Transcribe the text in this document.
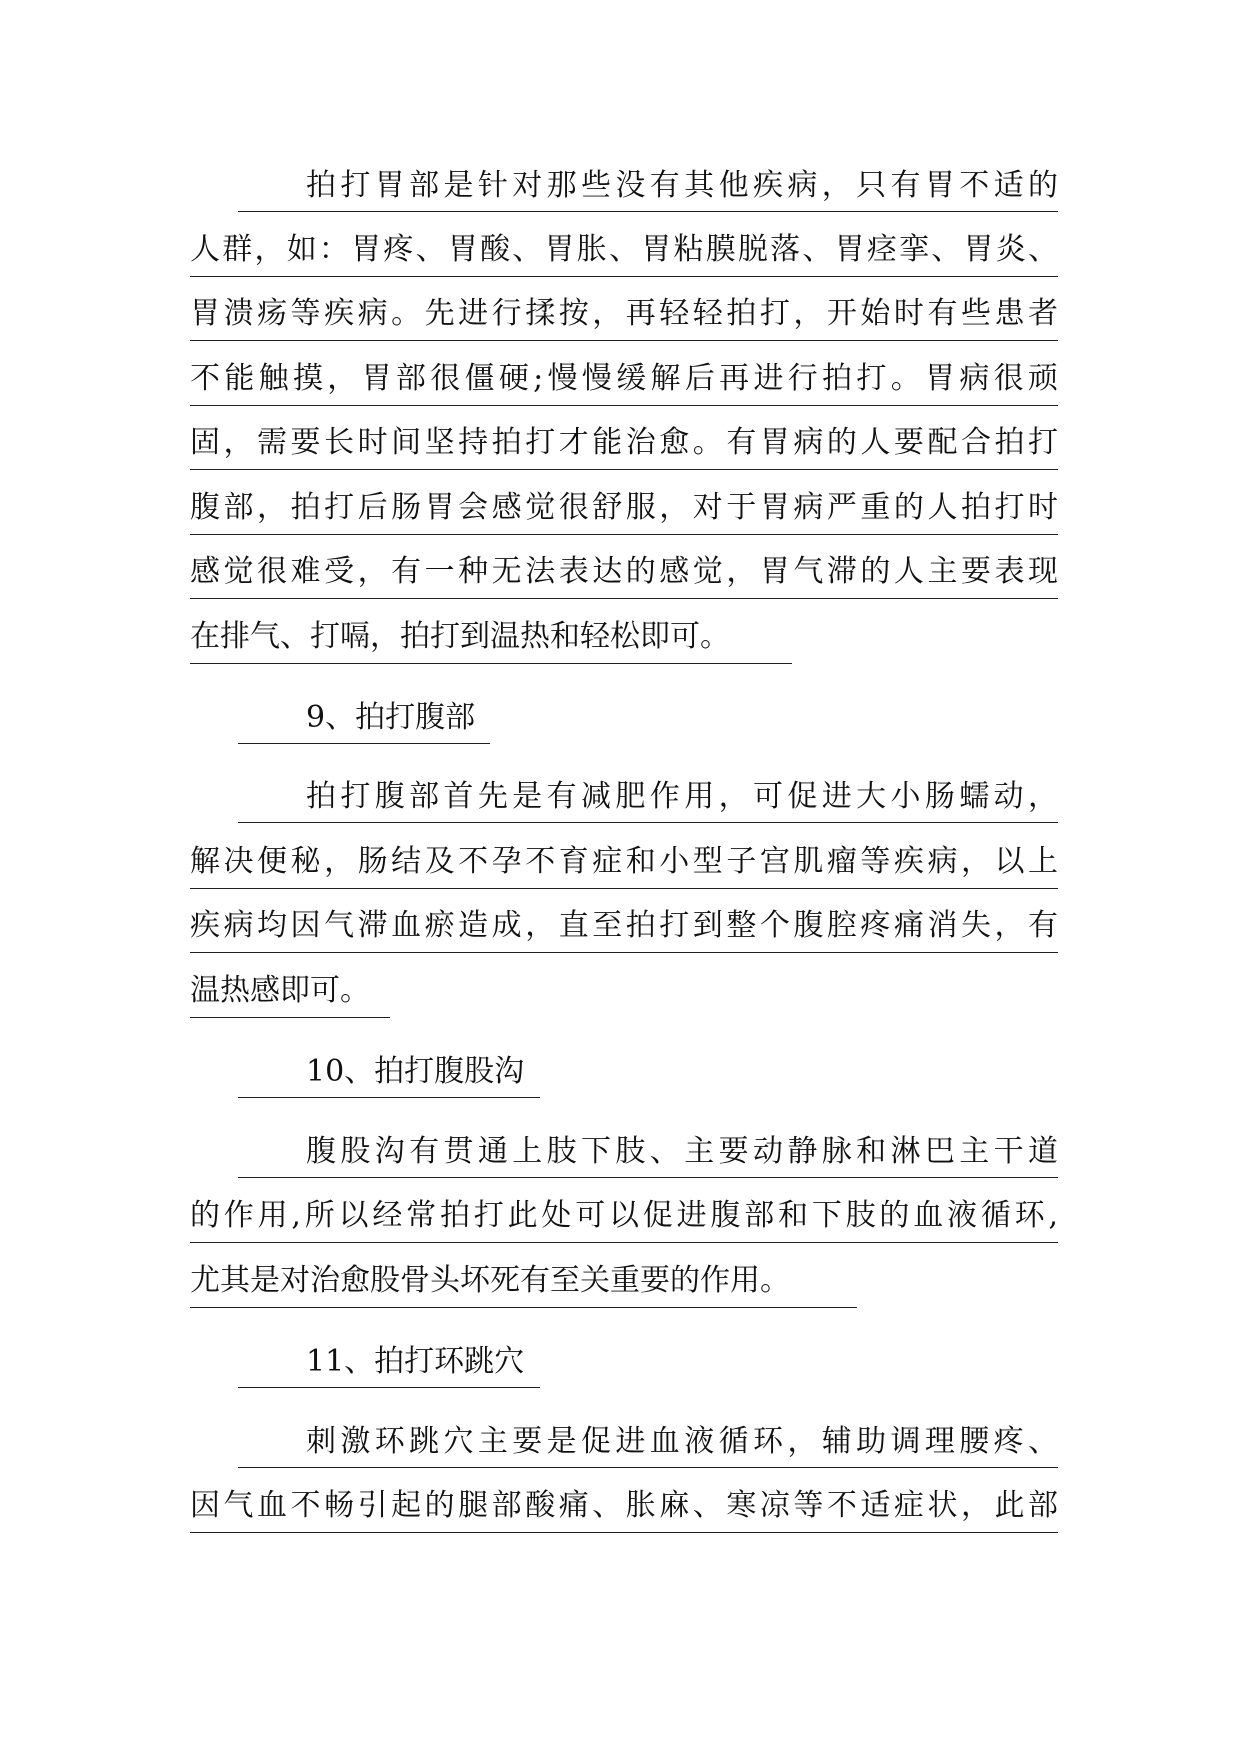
拍打胃部是针对那些没有其他疾病，只有胃不适的
人群，如：胃疼、胃酸、胃胀、胃粘膜脱落、胃痉挛、胃炎、
胃溃疡等疾病。先进行揉按，再轻轻拍打，开始时有些患者
不能触摸，胃部很僵硬;慢慢缓解后再进行拍打。胃病很顽
固，需要长时间坚持拍打才能治愈。有胃病的人要配合拍打
腹部，拍打后肠胃会感觉很舒服，对于胃病严重的人拍打时
感觉很难受，有一种无法表达的感觉，胃气滞的人主要表现
在排气、打嗝，拍打到温热和轻松即可。
9、拍打腹部
拍打腹部首先是有减肥作用，可促进大小肠蠕动，
解决便秘，肠结及不孕不育症和小型子宫肌瘤等疾病，以上
疾病均因气滞血瘀造成，直至拍打到整个腹腔疼痛消失，有
温热感即可。
10、拍打腹股沟
腹股沟有贯通上肢下肢、主要动静脉和淋巴主干道
的作用,所以经常拍打此处可以促进腹部和下肢的血液循环,
尤其是对治愈股骨头坏死有至关重要的作用。
11、拍打环跳穴
刺激环跳穴主要是促进血液循环，辅助调理腰疼、
因气血不畅引起的腿部酸痛、胀麻、寒凉等不适症状，此部
